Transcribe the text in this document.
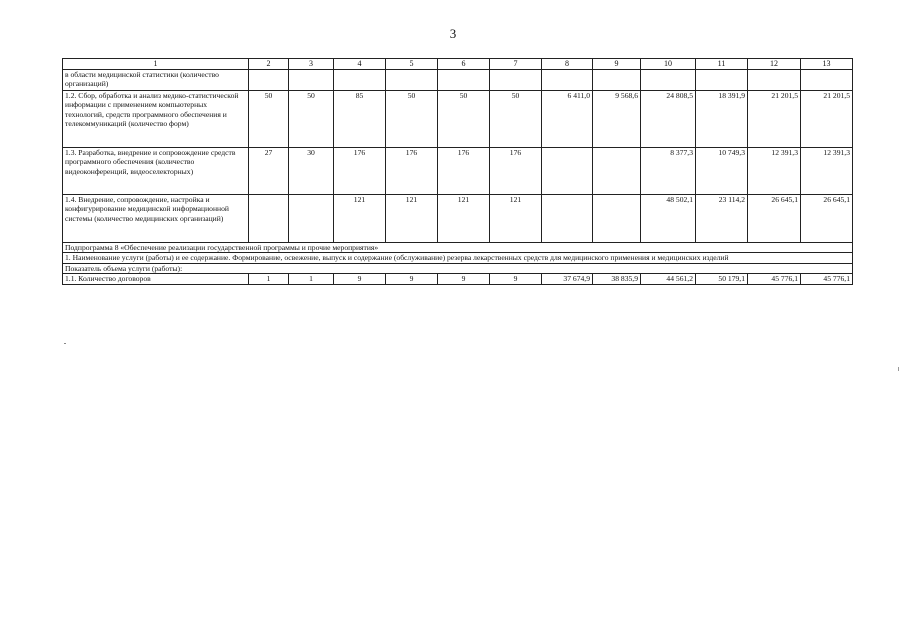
3
1	2	3	4	5	6	7	8	9	10	11	12	13
в области медицинской статистики (количество организаций)												
1.2. Сбор, обработка и анализ медико-статистической информации с применением компьютерных технологий, средств программного обеспечения и телекоммуникаций (количество форм)	50	50	85	50	50	50	6 411,0	9 568,6	24 808,5	18 391,9	21 201,5	21 201,5
1.3. Разработка, внедрение и сопровождение средств программного обеспечения (количество видеоконференций, видеоселекторных)	27	30	176	176	176	176			8 377,3	10 749,3	12 391,3	12 391,3
1.4. Внедрение, сопровождение, настройка и конфигурирование медицинской информационной системы (количество медицинских организаций)			121	121	121	121			48 502,1	23 114,2	26 645,1	26 645,1
Подпрограмма 8 «Обеспечение реализации государственной программы и прочие мероприятия»												
1. Наименование услуги (работы) и ее содержание. Формирование, освежение, выпуск и содержание (обслуживание) резерва лекарственных средств для медицинского применения и медицинских изделий												
Показатель объема услуги (работы):												
1.1. Количество договоров	1	1	9	9	9	9	37 674,9	38 835,9	44 561,2	50 179,1	45 776,1	45 776,1
